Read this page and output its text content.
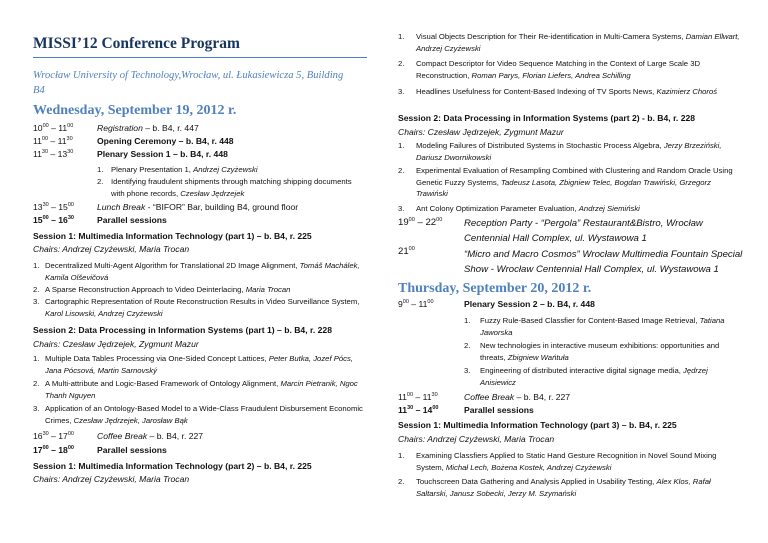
MISSI’12 Conference Program
Wrocław University of Technology,Wrocław, ul. Łukasiewicza 5, Building B4
Wednesday, September 19, 2012 r.
$10^{00} - 11^{00}$	Registration – b. B4, r. 447
$11^{00} - 11^{30}$	Opening Ceremony – b. B4, r. 448
$11^{30} - 13^{30}$	Plenary Session 1 – b. B4, r. 448
1. Plenary Presentation 1, Andrzej Czyżewski
2. Identifying fraudulent shipments through matching shipping documents with phone records, Czesław Jędrzejek
$13^{30} - 15^{00}$	Lunch Break - “BIFOR” Bar, building B4, ground floor
$15^{00} - 16^{30}$	Parallel sessions
Session 1: Multimedia Information Technology (part 1) – b. B4, r. 225
Chairs: Andrzej Czyżewski, Maria Trocan
1. Decentralized Multi-Agent Algorithm for Translational 2D Image Alignment, Tomáš Machálek, Kamila Olševičová
2. A Sparse Reconstruction Approach to Video Deinterlacing, Maria Trocan
3. Cartographic Representation of Route Reconstruction Results in Video Surveillance System, Karol Lisowski, Andrzej Czyżewski
Session 2: Data Processing in Information Systems (part 1) – b. B4, r. 228
Chairs: Czesław Jędrzejek, Zygmunt Mazur
1. Multiple Data Tables Processing via One-Sided Concept Lattices, Peter Butka, Jozef Pócs, Jana Pócsová, Martin Sarnovský
2. A Multi-attribute and Logic-Based Framework of Ontology Alignment, Marcin Pietranik, Ngoc Thanh Nguyen
3. Application of an Ontology-Based Model to a Wide-Class Fraudulent Disbursement Economic Crimes, Czesław Jędrzejek, Jarosław Bąk
$16^{30} - 17^{00}$	Coffee Break – b. B4, r. 227
$17^{00} - 18^{00}$	Parallel sessions
Session 1: Multimedia Information Technology (part 2) – b. B4, r. 225
Chairs: Andrzej Czyżewski, Maria Trocan
1.	Visual Objects Description for Their Re-identification in Multi-Camera Systems, Damian Ellwart, Andrzej Czyżewski
2.	Compact Descriptor for Video Sequence Matching in the Context of Large Scale 3D Reconstruction, Roman Parys, Florian Liefers, Andrea Schilling
3.	Headlines Usefulness for Content-Based Indexing of TV Sports News, Kazimierz Choroś
Session 2: Data Processing in Information Systems (part 2) - b. B4, r. 228
Chairs: Czesław Jędrzejek, Zygmunt Mazur
1.	Modeling Failures of Distributed Systems in Stochastic Process Algebra, Jerzy Brzeziński, Dariusz Dwornikowski
2.	Experimental Evaluation of Resampling Combined with Clustering and Random Oracle Using Genetic Fuzzy Systems, Tadeusz Lasota, Zbigniew Telec, Bogdan Trawiński, Grzegorz Trawiński
3.	Ant Colony Optimization Parameter Evaluation, Andrzej Siemiński
$19^{00} - 22^{00}$ Reception Party - “Pergola” Restaurant&Bistro, Wrocław
Centennial Hall Complex, ul. Wystawowa 1
$21^{00}$	“Micro and Macro Cosmos” Wrocław Multimedia Fountain Special
Show - Wrocław Centennial Hall Complex, ul. Wystawowa 1
Thursday, September 20, 2012 r.
$9^{00} - 11^{00}$	Plenary Session 2 – b. B4, r. 448
1.	Fuzzy Rule-Based Classfier for Content-Based Image Retrieval, Tatiana Jaworska
2.	New technologies in interactive museum exhibitions: opportunities and threats, Zbigniew Wańtuła
3.	Engineering of distributed interactive digital signage media, Jędrzej Anisiewicz
$11^{00} - 11^{30}$	Coffee Break – b. B4, r. 227
$11^{30} - 14^{00}$	Parallel sessions
Session 1: Multimedia Information Technology (part 3) – b. B4, r. 225
Chairs: Andrzej Czyżewski, Maria Trocan
1.	Examining Classfiers Applied to Static Hand Gesture Recognition in Novel Sound Mixing System, Michał Lech, Bożena Kostek, Andrzej Czyżewski
2.	Touchscreen Data Gathering and Analysis Applied in Usability Testing, Alex Klos, Rafał Saltarski, Janusz Sobecki, Jerzy M. Szymański
